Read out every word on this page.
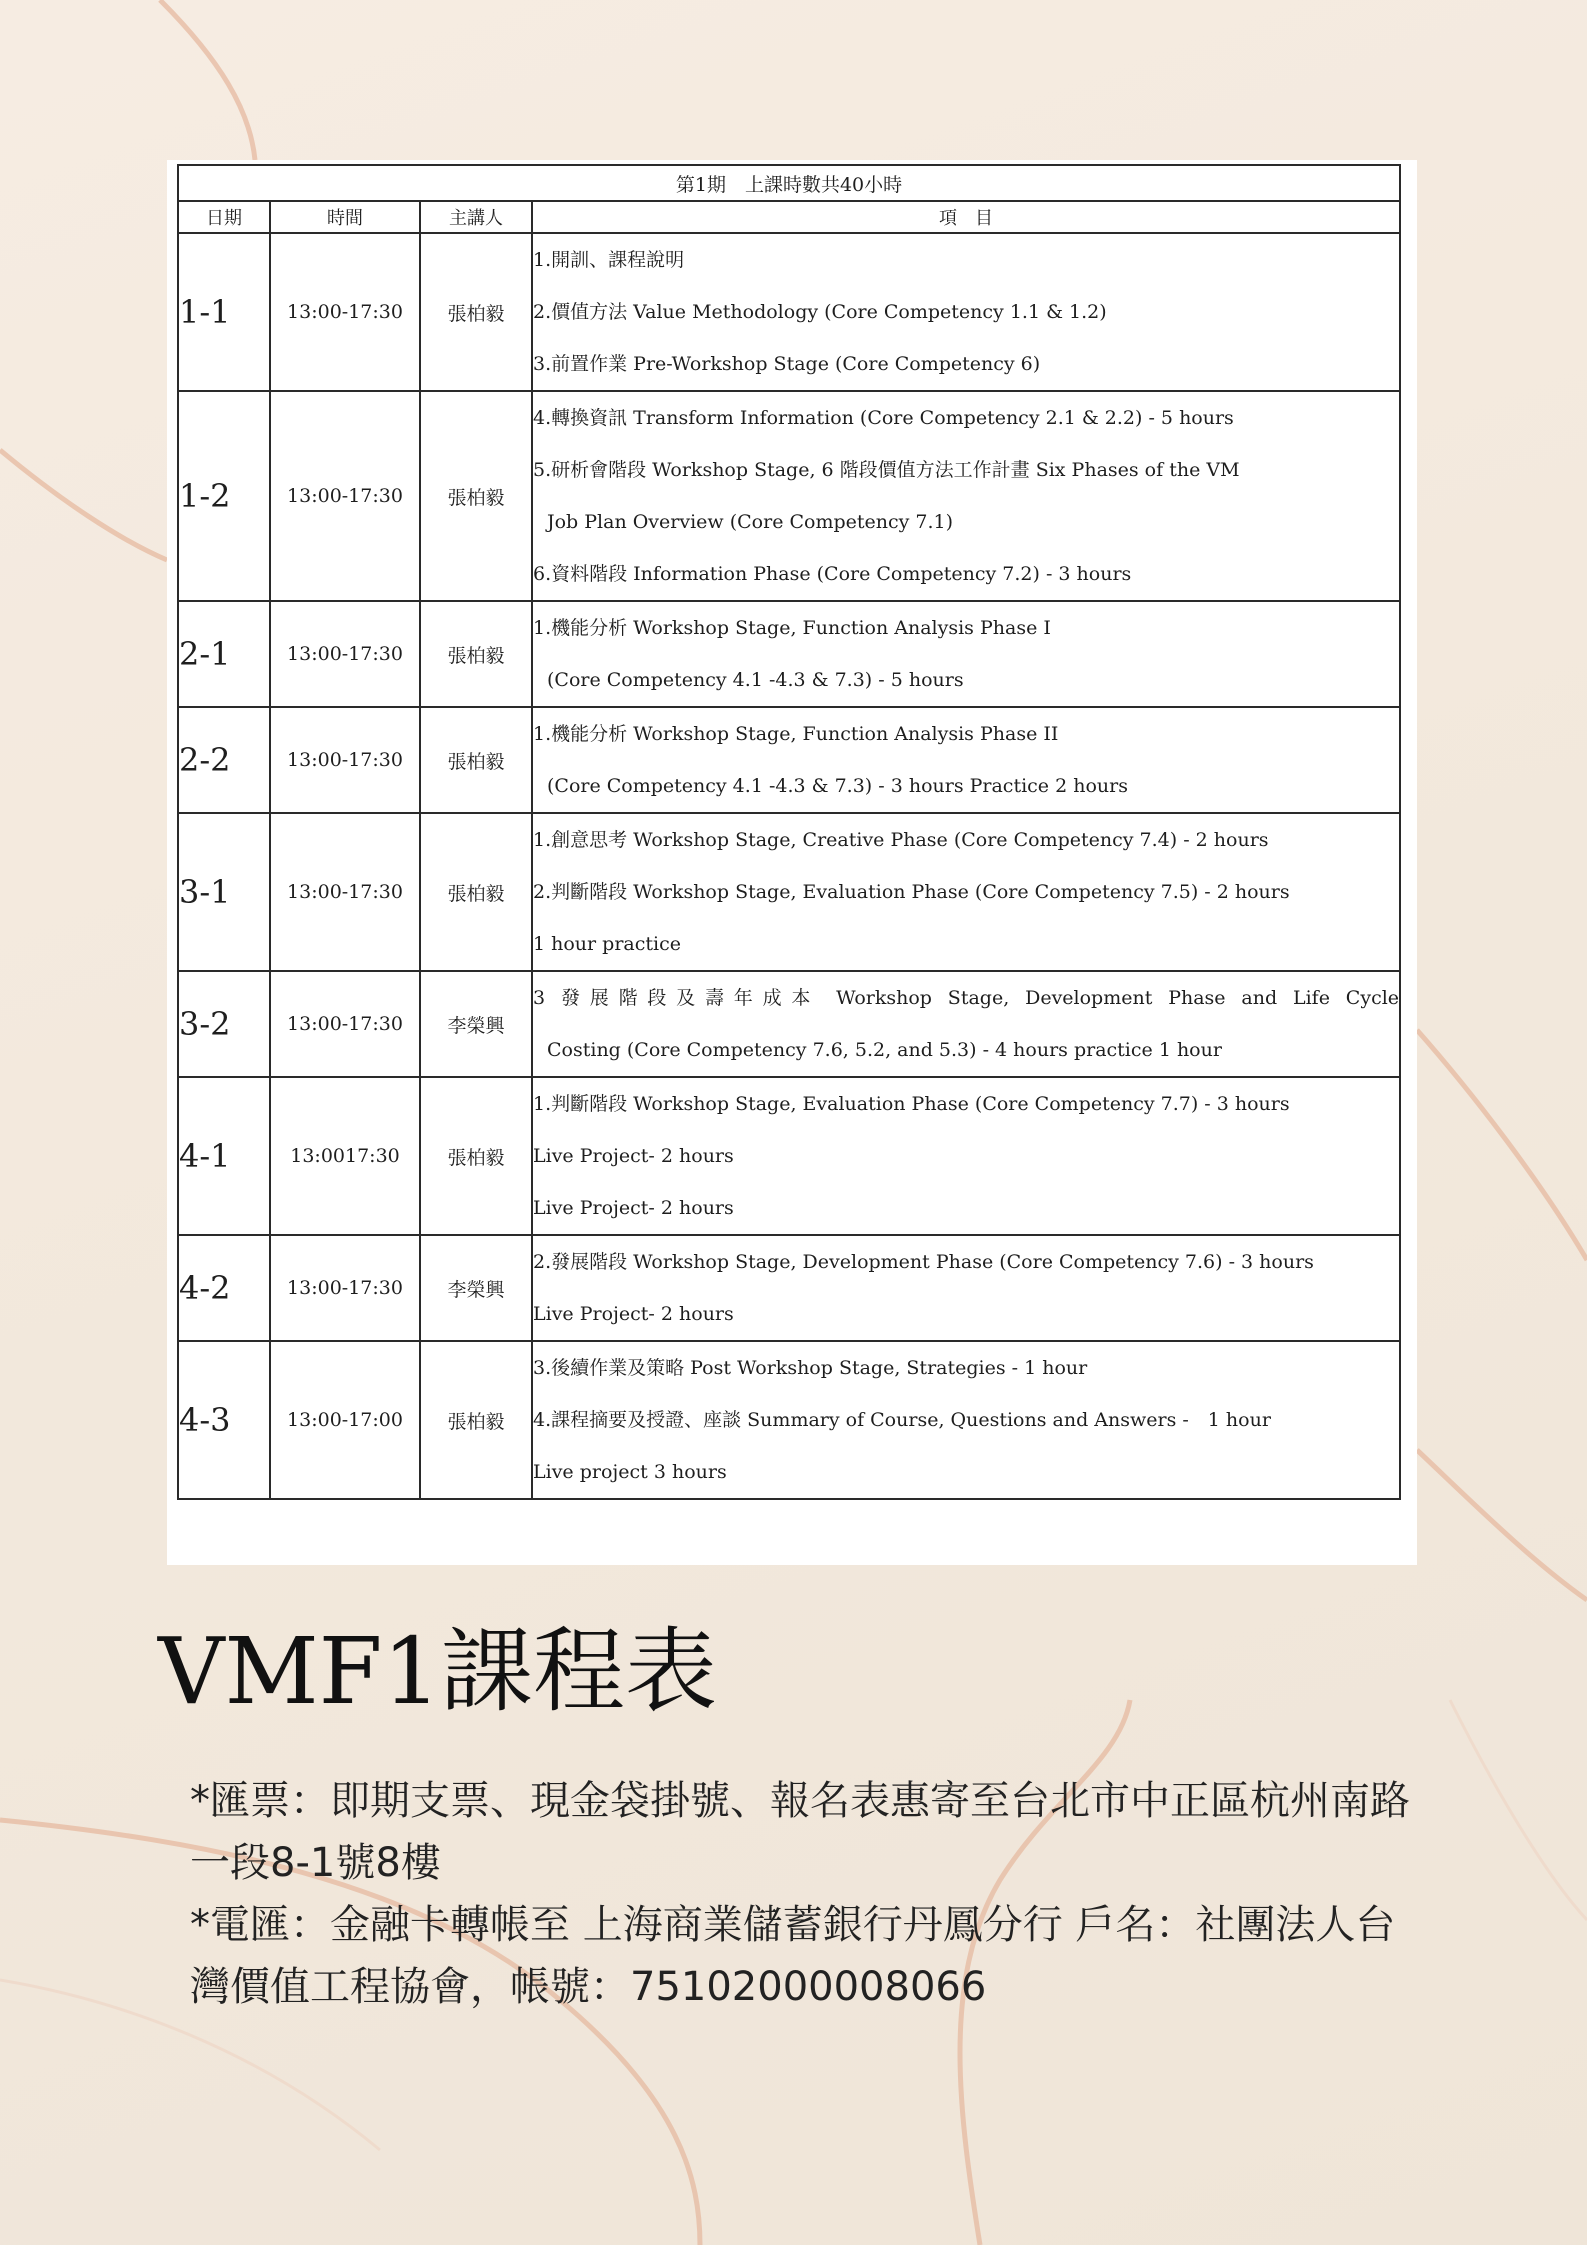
第1期　上課時數共40小時			
日期	時間	主講人	項　目
1-1	13:00-17:30	張柏毅	1.開訓、課程說明
2.價值方法 Value Methodology (Core Competency 1.1 & 1.2)
3.前置作業 Pre-Workshop Stage (Core Competency 6)

1-2	13:00-17:30	張柏毅	4.轉換資訊 Transform Information (Core Competency 2.1 & 2.2) - 5 hours
5.研析會階段 Workshop Stage, 6 階段價值方法工作計畫 Six Phases of the VM
Job Plan Overview (Core Competency 7.1)
6.資料階段 Information Phase (Core Competency 7.2) - 3 hours

2-1	13:00-17:30	張柏毅	1.機能分析 Workshop Stage, Function Analysis Phase I
(Core Competency 4.1 -4.3 & 7.3) - 5 hours

2-2	13:00-17:30	張柏毅	1.機能分析 Workshop Stage, Function Analysis Phase II
(Core Competency 4.1 -4.3 & 7.3) - 3 hours Practice 2 hours

3-1	13:00-17:30	張柏毅	1.創意思考 Workshop Stage, Creative Phase (Core Competency 7.4) - 2 hours
2.判斷階段 Workshop Stage, Evaluation Phase (Core Competency 7.5) - 2 hours
1 hour practice

3-2	13:00-17:30	李榮興	3 發展階段及壽年成本 Workshop Stage, Development Phase and Life Cycle
Costing (Core Competency 7.6, 5.2, and 5.3) - 4 hours practice 1 hour

4-1	13:0017:30	張柏毅	1.判斷階段 Workshop Stage, Evaluation Phase (Core Competency 7.7) - 3 hours
Live Project- 2 hours
Live Project- 2 hours

4-2	13:00-17:30	李榮興	2.發展階段 Workshop Stage, Development Phase (Core Competency 7.6) - 3 hours
Live Project- 2 hours

4-3	13:00-17:00	張柏毅	3.後續作業及策略 Post Workshop Stage, Strategies - 1 hour
4.課程摘要及授證、座談 Summary of Course, Questions and Answers -　1 hour
Live project 3 hours
VMF1課程表

*匯票：即期支票、現金袋掛號、報名表惠寄至台北市中正區杭州南路一段8-1號8樓

*電匯：金融卡轉帳至 上海商業儲蓄銀行丹鳳分行 戶名：社團法人台灣價值工程協會，帳號：75102000008066
